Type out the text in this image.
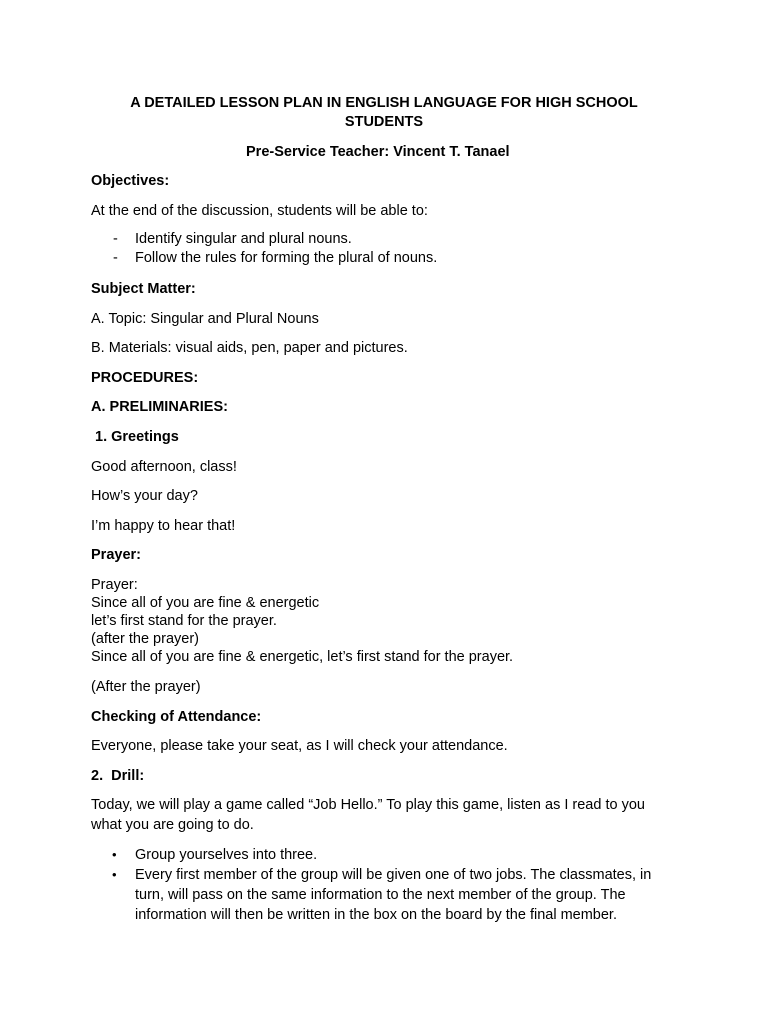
A DETAILED LESSON PLAN IN ENGLISH LANGUAGE FOR HIGH SCHOOL

STUDENTS

Pre-Service Teacher: Vincent T. Tanael

Objectives:

At the end of the discussion, students will be able to:

- Identify singular and plural nouns.
- Follow the rules for forming the plural of nouns.

Subject Matter:

A. Topic: Singular and Plural Nouns

B. Materials: visual aids, pen, paper and pictures.

PROCEDURES:

A. PRELIMINARIES:

1. Greetings

Good afternoon, class!

How’s your day?

I’m happy to hear that!

Prayer:

Prayer:

Since all of you are fine & energetic

let’s first stand for the prayer.

(after the prayer)

Since all of you are fine & energetic, let’s first stand for the prayer.

(After the prayer)

Checking of Attendance:

Everyone, please take your seat, as I will check your attendance.

2.  Drill:

Today, we will play a game called “Job Hello.” To play this game, listen as I read to you

what you are going to do.

• Group yourselves into three.
• Every first member of the group will be given one of two jobs. The classmates, in
turn, will pass on the same information to the next member of the group. The
information will then be written in the box on the board by the final member.
